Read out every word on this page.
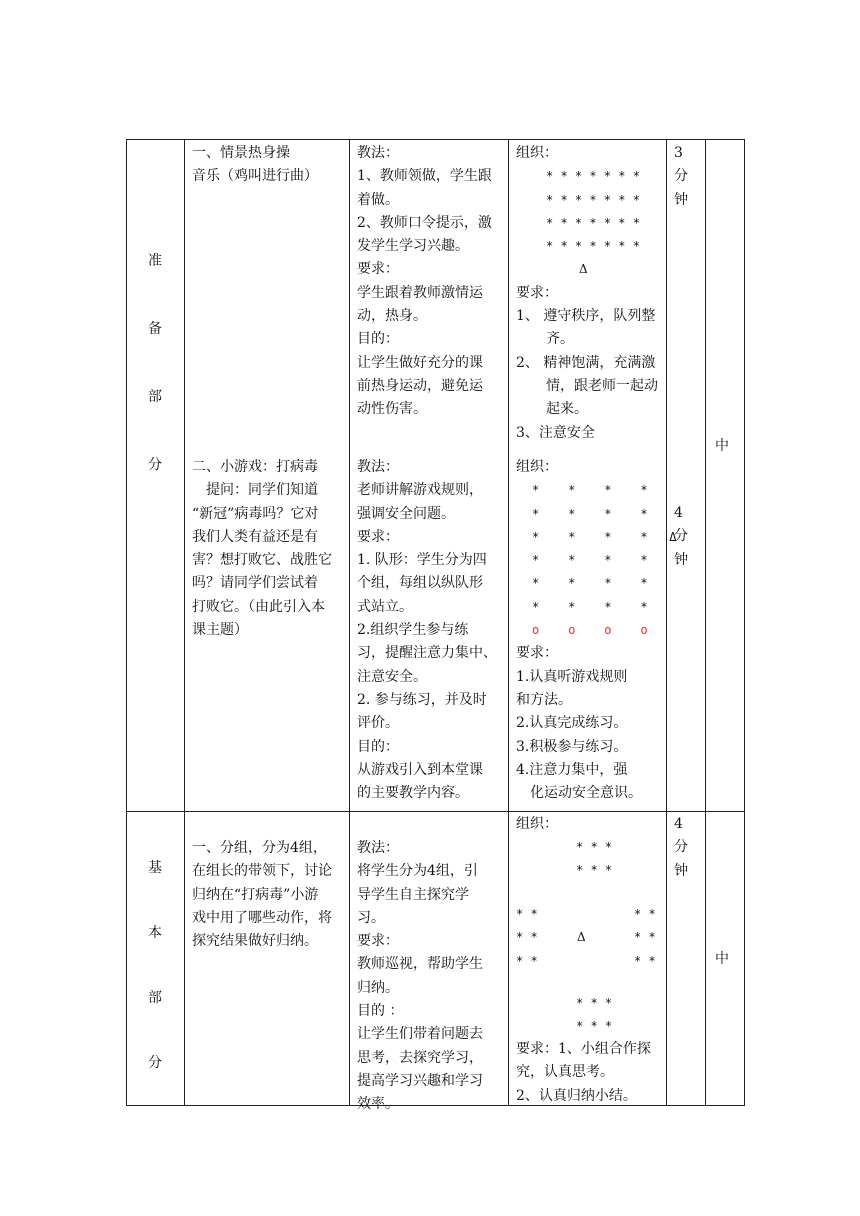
准
备
部
分
一、情景热身操
音乐（鸡叫进行曲）
教法：
1、教师领做，学生跟
着做。
2、教师口令提示，激
发学生学习兴趣。
要求：
学生跟着教师激情运
动，热身。
目的：
让学生做好充分的课
前热身运动，避免运
动性伤害。
组织：
* * * * * * *
* * * * * * *
* * * * * * *
* * * * * * *
Δ
要求：
1、 遵守秩序，队列整
齐。
2、 精神饱满，充满激
情，跟老师一起动
起来。
3、注意安全
3
分
钟
二、小游戏：打病毒
　提问：同学们知道
“新冠”病毒吗？它对
我们人类有益还是有
害？想打败它、战胜它
吗？请同学们尝试着
打败它。（由此引入本
课主题）
教法：
老师讲解游戏规则，
强调安全问题。
要求：
1. 队形：学生分为四
个组，每组以纵队形
式站立。
2.组织学生参与练
习，提醒注意力集中、
注意安全。
2. 参与练习，并及时
评价。
目的：
从游戏引入到本堂课
的主要教学内容。
组织：
*    *    *    *
*    *    *    *
*    *    *    *   Δ
*    *    *    *
*    *    *    *
*    *    *    *
o    o    o    o
要求：
1.认真听游戏规则
和方法。
2.认真完成练习。
3.积极参与练习。
4.注意力集中，强
化运动安全意识。
4
分
钟
中
基
本
部
分
一、分组，分为4组，
在组长的带领下，讨论
归纳在“打病毒”小游
戏中用了哪些动作，将
探究结果做好归纳。
教法：
将学生分为4组，引
导学生自主探究学
习。
要求：
教师巡视，帮助学生
归纳。
目的 ：
让学生们带着问题去
思考，去探究学习，
提高学习兴趣和学习
效率。
组织：
* * *
* * *
* *
* *
* *
Δ
* *
* *
* *
* * *
* * *
要求：1、小组合作探
究，认真思考。
2、认真归纳小结。
4
分
钟
中
